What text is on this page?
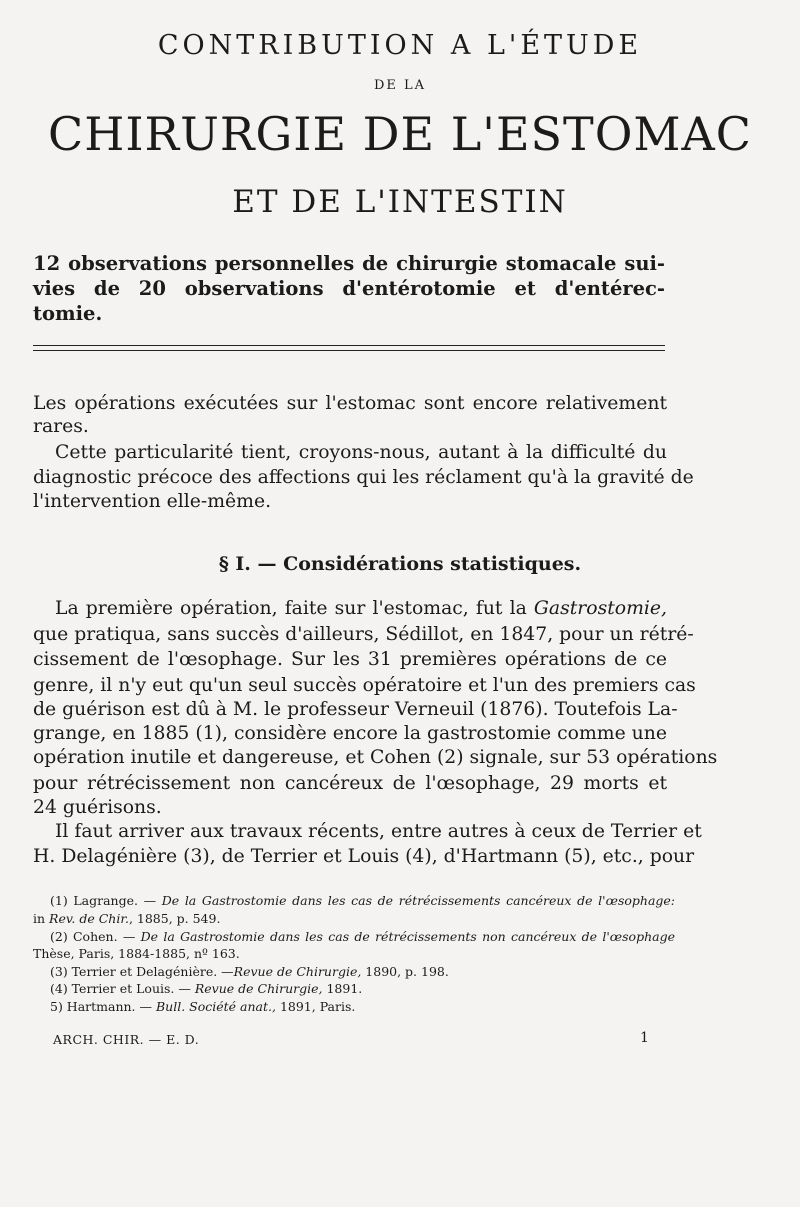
CONTRIBUTION A L'ÉTUDE

DE LA

CHIRURGIE DE L'ESTOMAC

ET DE L'INTESTIN

12 observations personnelles de chirurgie stomacale sui-

vies de 20 observations d'entérotomie et d'entérec-

tomie.

Les opérations exécutées sur l'estomac sont encore relativement

rares.

Cette particularité tient, croyons-nous, autant à la difficulté du

diagnostic précoce des affections qui les réclament qu'à la gravité de

l'intervention elle-même.

§ I. — Considérations statistiques.

La première opération, faite sur l'estomac, fut la Gastrostomie,

que pratiqua, sans succès d'ailleurs, Sédillot, en 1847, pour un rétré-

cissement de l'œsophage. Sur les 31 premières opérations de ce

genre, il n'y eut qu'un seul succès opératoire et l'un des premiers cas

de guérison est dû à M. le professeur Verneuil (1876). Toutefois La-

grange, en 1885 (1), considère encore la gastrostomie comme une

opération inutile et dangereuse, et Cohen (2) signale, sur 53 opérations

pour rétrécissement non cancéreux de l'œsophage, 29 morts et

24 guérisons.

Il faut arriver aux travaux récents, entre autres à ceux de Terrier et

H. Delagénière (3), de Terrier et Louis (4), d'Hartmann (5), etc., pour

(1) Lagrange. — De la Gastrostomie dans les cas de rétrécissements cancéreux de l'œsophage:

in Rev. de Chir., 1885, p. 549.

(2) Cohen. — De la Gastrostomie dans les cas de rétrécissements non cancéreux de l'œsophage

Thèse, Paris, 1884-1885, nº 163.

(3) Terrier et Delagénière. —Revue de Chirurgie, 1890, p. 198.

(4) Terrier et Louis. — Revue de Chirurgie, 1891.

5) Hartmann. — Bull. Société anat., 1891, Paris.

ARCH. CHIR. — E. D.	1
